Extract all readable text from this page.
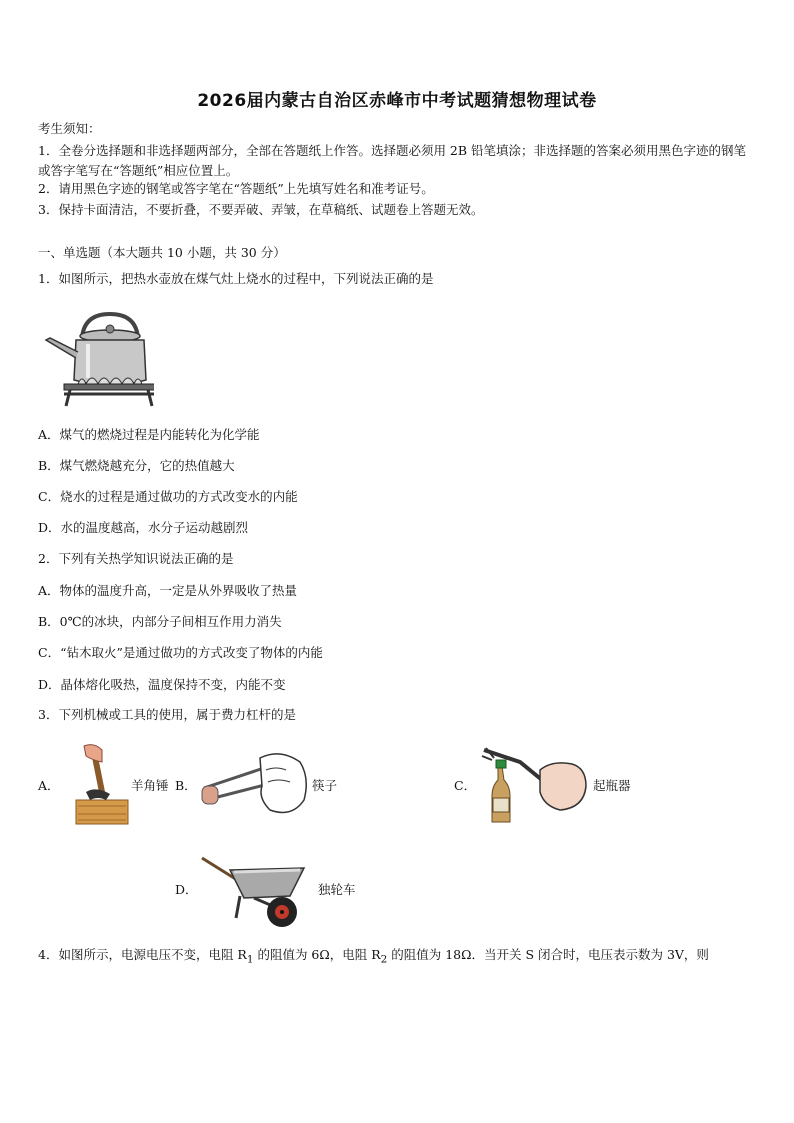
2026届内蒙古自治区赤峰市中考试题猜想物理试卷
考生须知：
1．全卷分选择题和非选择题两部分，全部在答题纸上作答。选择题必须用 2B 铅笔填涂；非选择题的答案必须用黑色字迹的钢笔或答字笔写在“答题纸”相应位置上。
2．请用黑色字迹的钢笔或答字笔在“答题纸”上先填写姓名和准考证号。
3．保持卡面清洁，不要折叠，不要弄破、弄皱，在草稿纸、试题卷上答题无效。
一、单选题（本大题共 10 小题，共 30 分）
1．如图所示，把热水壶放在煤气灶上烧水的过程中，下列说法正确的是
A．煤气的燃烧过程是内能转化为化学能
B．煤气燃烧越充分，它的热值越大
C．烧水的过程是通过做功的方式改变水的内能
D．水的温度越高，水分子运动越剧烈
2．下列有关热学知识说法正确的是
A．物体的温度升高，一定是从外界吸收了热量
B．0℃的冰块，内部分子间相互作用力消失
C．“钻木取火”是通过做功的方式改变了物体的内能
D．晶体熔化吸热，温度保持不变，内能不变
3．下列机械或工具的使用，属于费力杠杆的是
A．	羊角锤 B．	筷子	C．	起瓶器
D．	独轮车
4．如图所示，电源电压不变，电阻 $R_1$ 的阻值为 6Ω，电阻 $R_2$ 的阻值为 18Ω．当开关 S 闭合时，电压表示数为 3V，则
